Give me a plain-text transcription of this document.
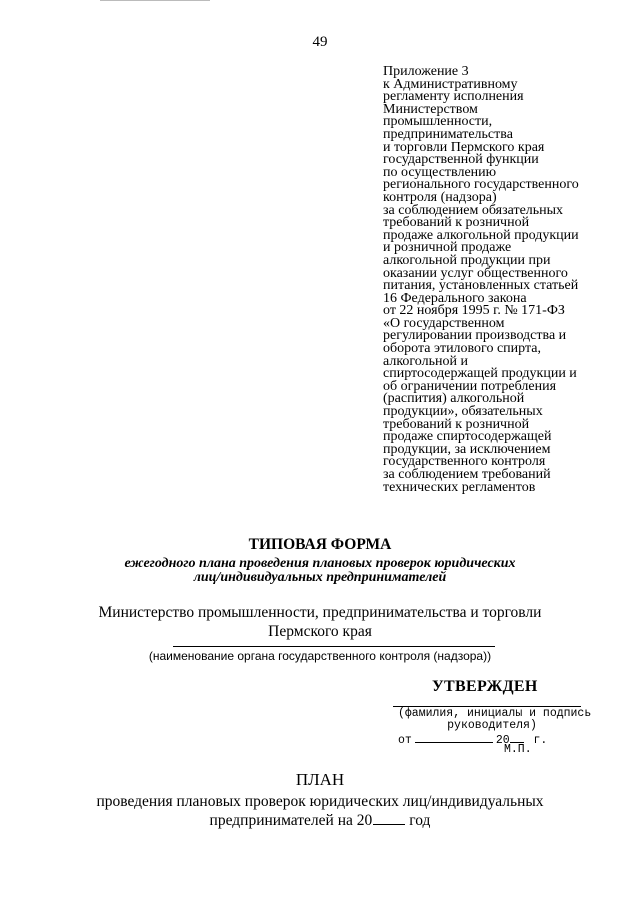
49
Приложение 3
к Административному
регламенту исполнения
Министерством
промышленности,
предпринимательства
и торговли Пермского края
государственной функции
по осуществлению
регионального государственного
контроля (надзора)
за соблюдением обязательных
требований к розничной
продаже алкогольной продукции
и розничной продаже
алкогольной продукции при
оказании услуг общественного
питания, установленных статьей
16 Федерального закона
от 22 ноября 1995 г. № 171-ФЗ
«О государственном
регулировании производства и
оборота этилового спирта,
алкогольной и
спиртосодержащей продукции и
об ограничении потребления
(распития) алкогольной
продукции», обязательных
требований к розничной
продаже спиртосодержащей
продукции, за исключением
государственного контроля
за соблюдением требований
технических регламентов
ТИПОВАЯ ФОРМА
ежегодного плана проведения плановых проверок юридических
лиц/индивидуальных предпринимателей
Министерство промышленности, предпринимательства и торговли
Пермского края
(наименование органа государственного контроля (надзора))
УТВЕРЖДЕН
(фамилия, инициалы и подпись
руководителя)
от	20 г.
М.П.
ПЛАН
проведения плановых проверок юридических лиц/индивидуальных
предпринимателей на 20 год
